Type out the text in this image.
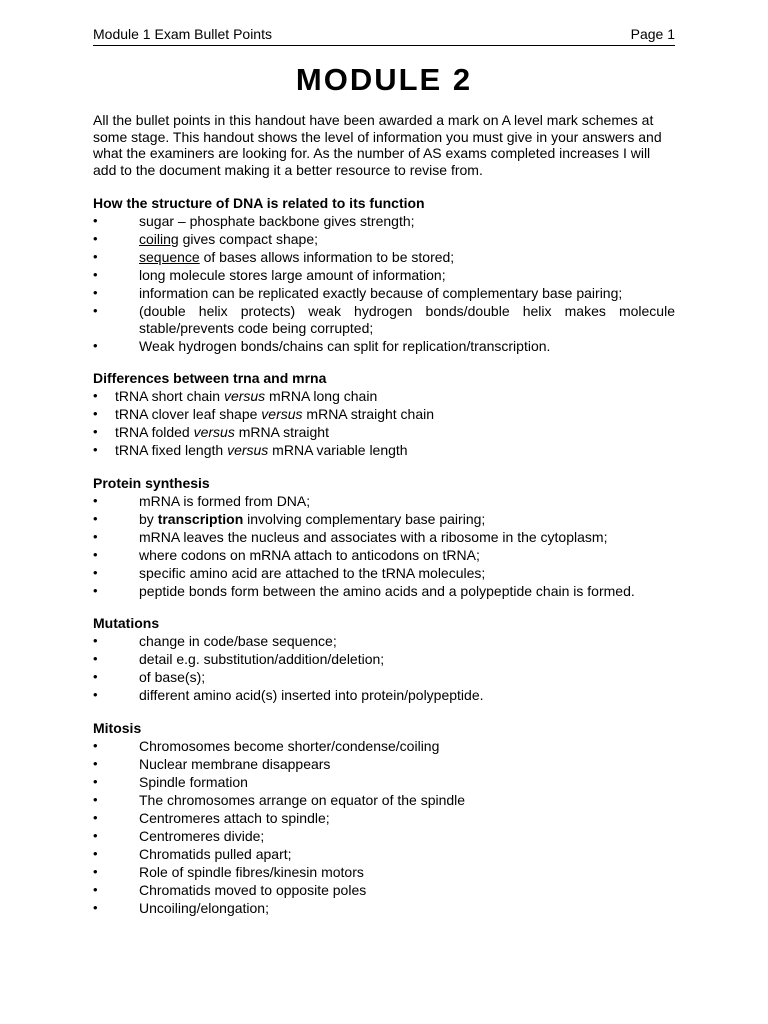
Module 1 Exam Bullet Points	Page 1
MODULE 2

All the bullet points in this handout have been awarded a mark on A level mark schemes at some stage. This handout shows the level of information you must give in your answers and what the examiners are looking for. As the number of AS exams completed increases I will add to the document making it a better resource to revise from.

How the structure of DNA is related to its function
•	sugar – phosphate backbone gives strength;
•	coiling gives compact shape;
•	sequence of bases allows information to be stored;
•	long molecule stores large amount of information;
•	information can be replicated exactly because of complementary base pairing;
•	(double helix protects) weak hydrogen bonds/double helix makes molecule stable/prevents code being corrupted;
•	Weak hydrogen bonds/chains can split for replication/transcription.
Differences between trna and mrna
• tRNA short chain versus mRNA long chain
• tRNA clover leaf shape versus mRNA straight chain
• tRNA folded versus mRNA straight
• tRNA fixed length versus mRNA variable length
Protein synthesis
•	mRNA is formed from DNA;
•	by transcription involving complementary base pairing;
•	mRNA leaves the nucleus and associates with a ribosome in the cytoplasm;
•	where codons on mRNA attach to anticodons on tRNA;
•	specific amino acid are attached to the tRNA molecules;
•	peptide bonds form between the amino acids and a polypeptide chain is formed.
Mutations
•	change in code/base sequence;
•	detail e.g. substitution/addition/deletion;
•	of base(s);
•	different amino acid(s) inserted into protein/polypeptide.
Mitosis
•	Chromosomes become shorter/condense/coiling
•	Nuclear membrane disappears
•	Spindle formation
•	The chromosomes arrange on equator of the spindle
•	Centromeres attach to spindle;
•	Centromeres divide;
•	Chromatids pulled apart;
•	Role of spindle fibres/kinesin motors
•	Chromatids moved to opposite poles
•	Uncoiling/elongation;
